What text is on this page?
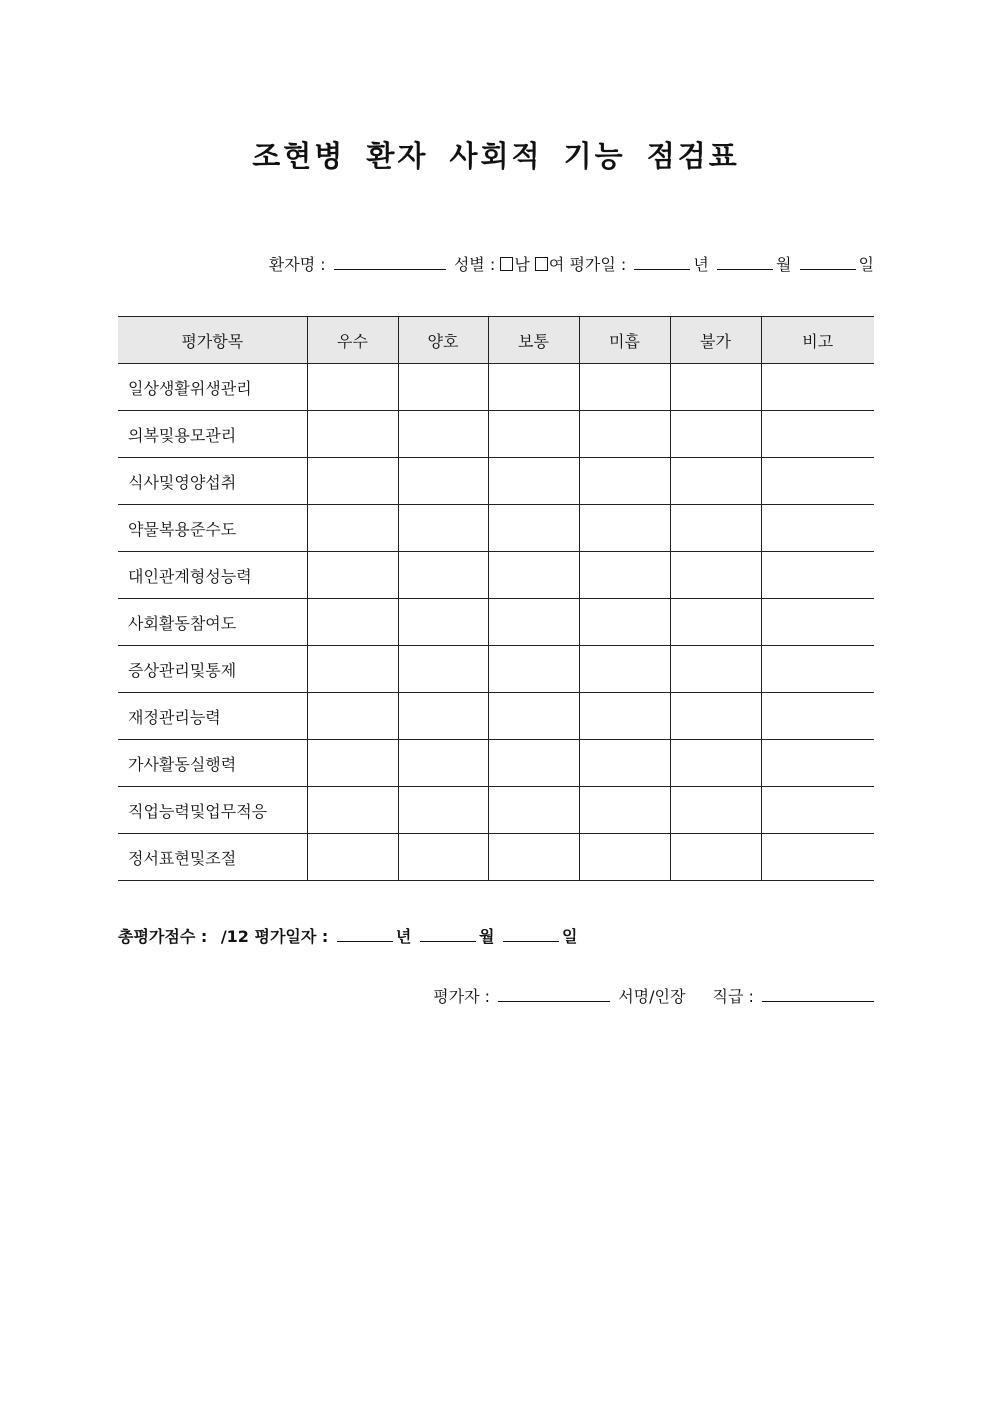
조현병 환자 사회적 기능 점검표
환자명 :	성별 : 남 여 평가일 :	년	월	일
평가항목	우수	양호	보통	미흡	불가	비고
일상생활위생관리						
의복및용모관리						
식사및영양섭취						
약물복용준수도						
대인관계형성능력						
사회활동참여도						
증상관리및통제						
재정관리능력						
가사활동실행력						
직업능력및업무적응						
정서표현및조절						
총평가점수 : /12 평가일자 :	년	월	일
평가자 :	서명/인장 직급 :
